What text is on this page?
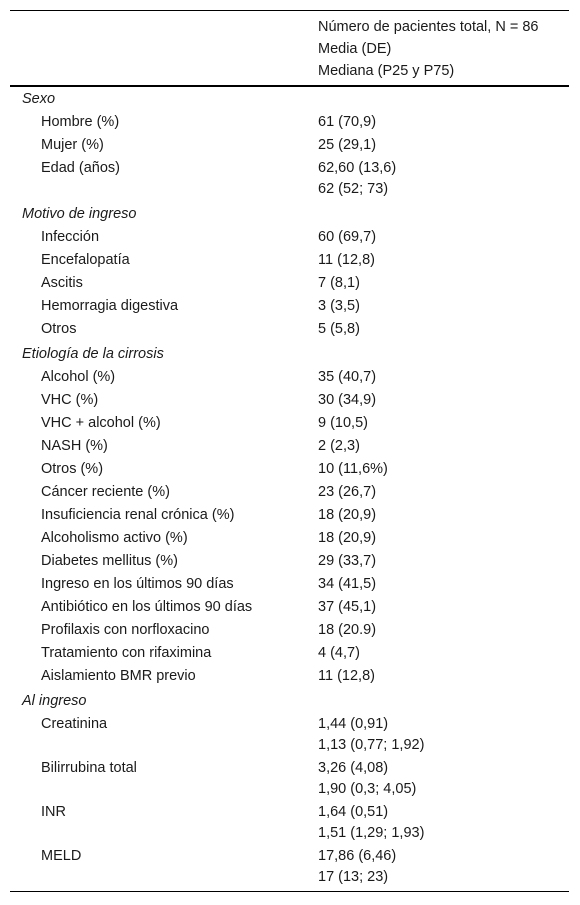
Número de pacientes total, N = 86
Media (DE)
Mediana (P25 y P75)
Sexo
Hombre (%)	61 (70,9)
Mujer (%)	25 (29,1)
Edad (años)	62,60 (13,6)
62 (52; 73)
Motivo de ingreso
Infección	60 (69,7)
Encefalopatía	11 (12,8)
Ascitis	7 (8,1)
Hemorragia digestiva	3 (3,5)
Otros	5 (5,8)
Etiología de la cirrosis
Alcohol (%)	35 (40,7)
VHC (%)	30 (34,9)
VHC + alcohol (%)	9 (10,5)
NASH (%)	2 (2,3)
Otros (%)	10 (11,6%)
Cáncer reciente (%)	23 (26,7)
Insuficiencia renal crónica (%)	18 (20,9)
Alcoholismo activo (%)	18 (20,9)
Diabetes mellitus (%)	29 (33,7)
Ingreso en los últimos 90 días	34 (41,5)
Antibiótico en los últimos 90 días	37 (45,1)
Profilaxis con norfloxacino	18 (20.9)
Tratamiento con rifaximina	4 (4,7)
Aislamiento BMR previo	11 (12,8)
Al ingreso
Creatinina	1,44 (0,91)
1,13 (0,77; 1,92)
Bilirrubina total	3,26 (4,08)
1,90 (0,3; 4,05)
INR	1,64 (0,51)
1,51 (1,29; 1,93)
MELD	17,86 (6,46)
17 (13; 23)
